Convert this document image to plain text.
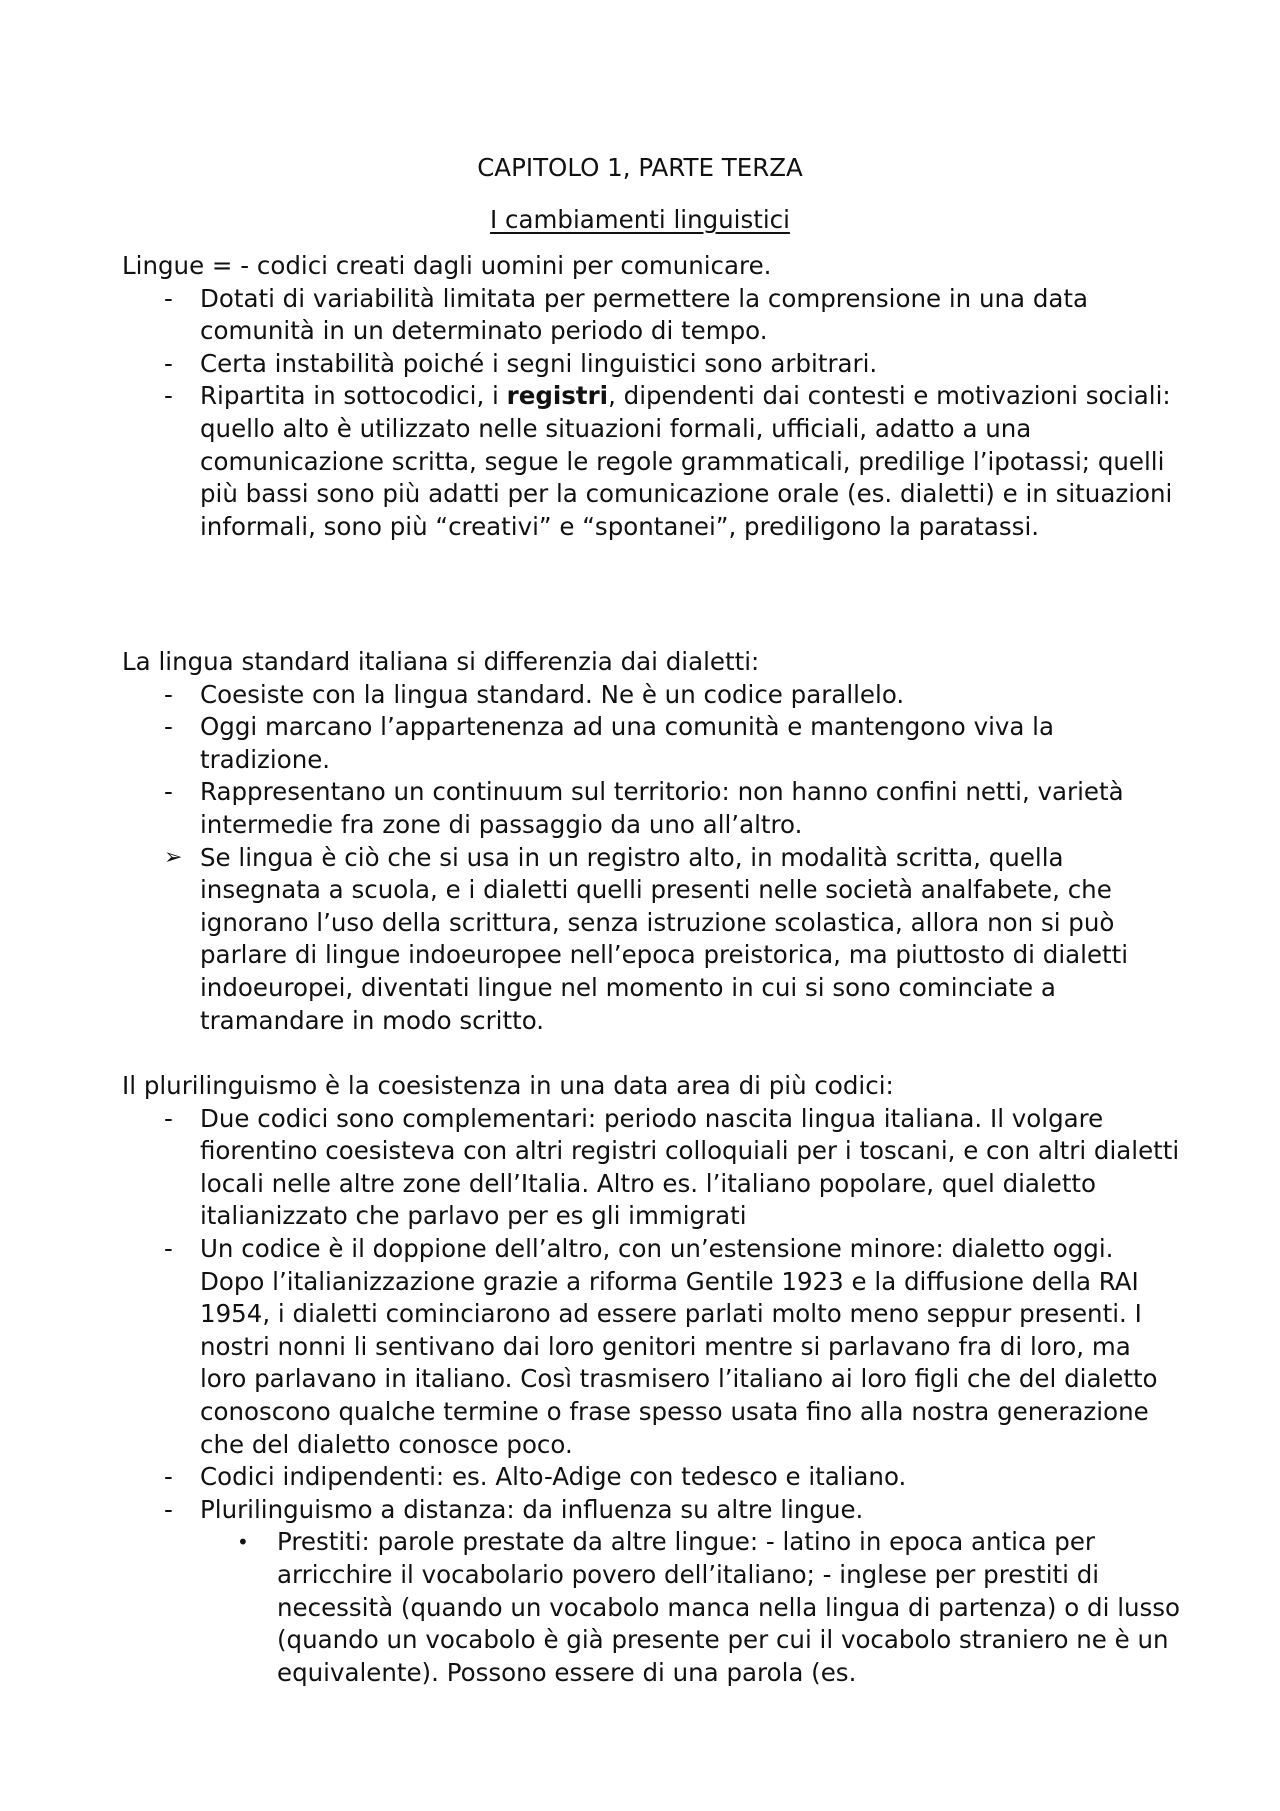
CAPITOLO 1, PARTE TERZA
I cambiamenti linguistici

Lingue = - codici creati dagli uomini per comunicare.

-	Dotati di variabilità limitata per permettere la comprensione in una data comunità in un determinato periodo di tempo.
-	Certa instabilità poiché i segni linguistici sono arbitrari.
-	Ripartita in sottocodici, i registri, dipendenti dai contesti e motivazioni sociali:
quello alto è utilizzato nelle situazioni formali, ufficiali, adatto a una comunicazione scritta, segue le regole grammaticali, predilige l’ipotassi; quelli più bassi sono più adatti per la comunicazione orale (es. dialetti) e in situazioni informali, sono più “creativi” e “spontanei”, prediligono la paratassi.

La lingua standard italiana si differenzia dai dialetti:

-	Coesiste con la lingua standard. Ne è un codice parallelo.
-	Oggi marcano l’appartenenza ad una comunità e mantengono viva la tradizione.
-	Rappresentano un continuum sul territorio: non hanno confini netti, varietà intermedie fra zone di passaggio da uno all’altro.
➢ Se lingua è ciò che si usa in un registro alto, in modalità scritta, quella insegnata a scuola, e i dialetti quelli presenti nelle società analfabete, che ignorano l’uso della scrittura, senza istruzione scolastica, allora non si può parlare di lingue indoeuropee nell’epoca preistorica, ma piuttosto di dialetti indoeuropei, diventati lingue nel momento in cui si sono cominciate a tramandare in modo scritto.

Il plurilinguismo è la coesistenza in una data area di più codici:

-	Due codici sono complementari: periodo nascita lingua italiana. Il volgare fiorentino coesisteva con altri registri colloquiali per i toscani, e con altri dialetti locali nelle altre zone dell’Italia. Altro es. l’italiano popolare, quel dialetto italianizzato che parlavo per es gli immigrati
-	Un codice è il doppione dell’altro, con un’estensione minore: dialetto oggi. Dopo l’italianizzazione grazie a riforma Gentile 1923 e la diffusione della RAI 1954, i dialetti cominciarono ad essere parlati molto meno seppur presenti. I nostri nonni li sentivano dai loro genitori mentre si parlavano fra di loro, ma loro parlavano in italiano. Così trasmisero l’italiano ai loro figli che del dialetto conoscono qualche termine o frase spesso usata fino alla nostra generazione che del dialetto conosce poco.
-	Codici indipendenti: es. Alto-Adige con tedesco e italiano.
-	Plurilinguismo a distanza: da influenza su altre lingue.
•	Prestiti: parole prestate da altre lingue: - latino in epoca antica per arricchire il vocabolario povero dell’italiano; - inglese per prestiti di necessità (quando un vocabolo manca nella lingua di partenza) o di lusso (quando un vocabolo è già presente per cui il vocabolo straniero ne è un equivalente). Possono essere di una parola (es.
